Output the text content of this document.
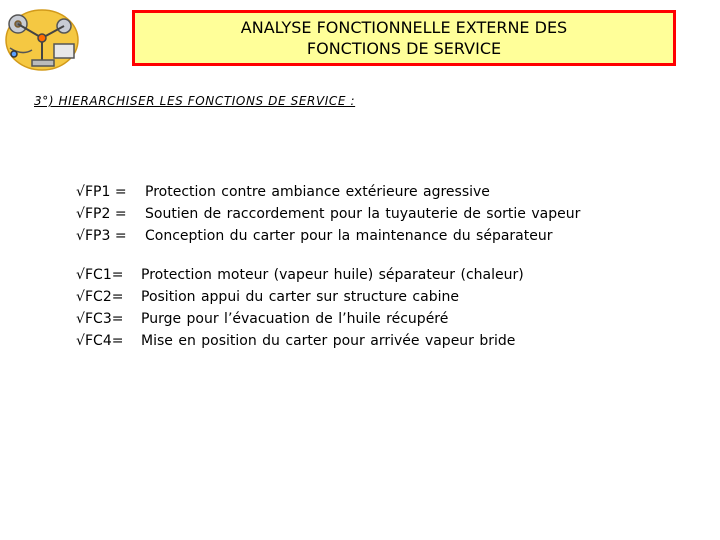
ANALYSE FONCTIONNELLE EXTERNE DES
FONCTIONS DE SERVICE
3°) HIERARCHISER LES FONCTIONS DE SERVICE :
√ FP1 =	Protection contre ambiance extérieure agressive
√ FP2 =	Soutien de raccordement pour la tuyauterie de sortie vapeur
√ FP3 =	Conception du carter pour la maintenance du séparateur
√ FC1=	Protection moteur (vapeur huile) séparateur (chaleur)
√ FC2=	Position appui du carter sur structure cabine
√ FC3=	Purge pour l’évacuation de l’huile récupéré
√ FC4=	Mise en position du carter pour arrivée vapeur bride
